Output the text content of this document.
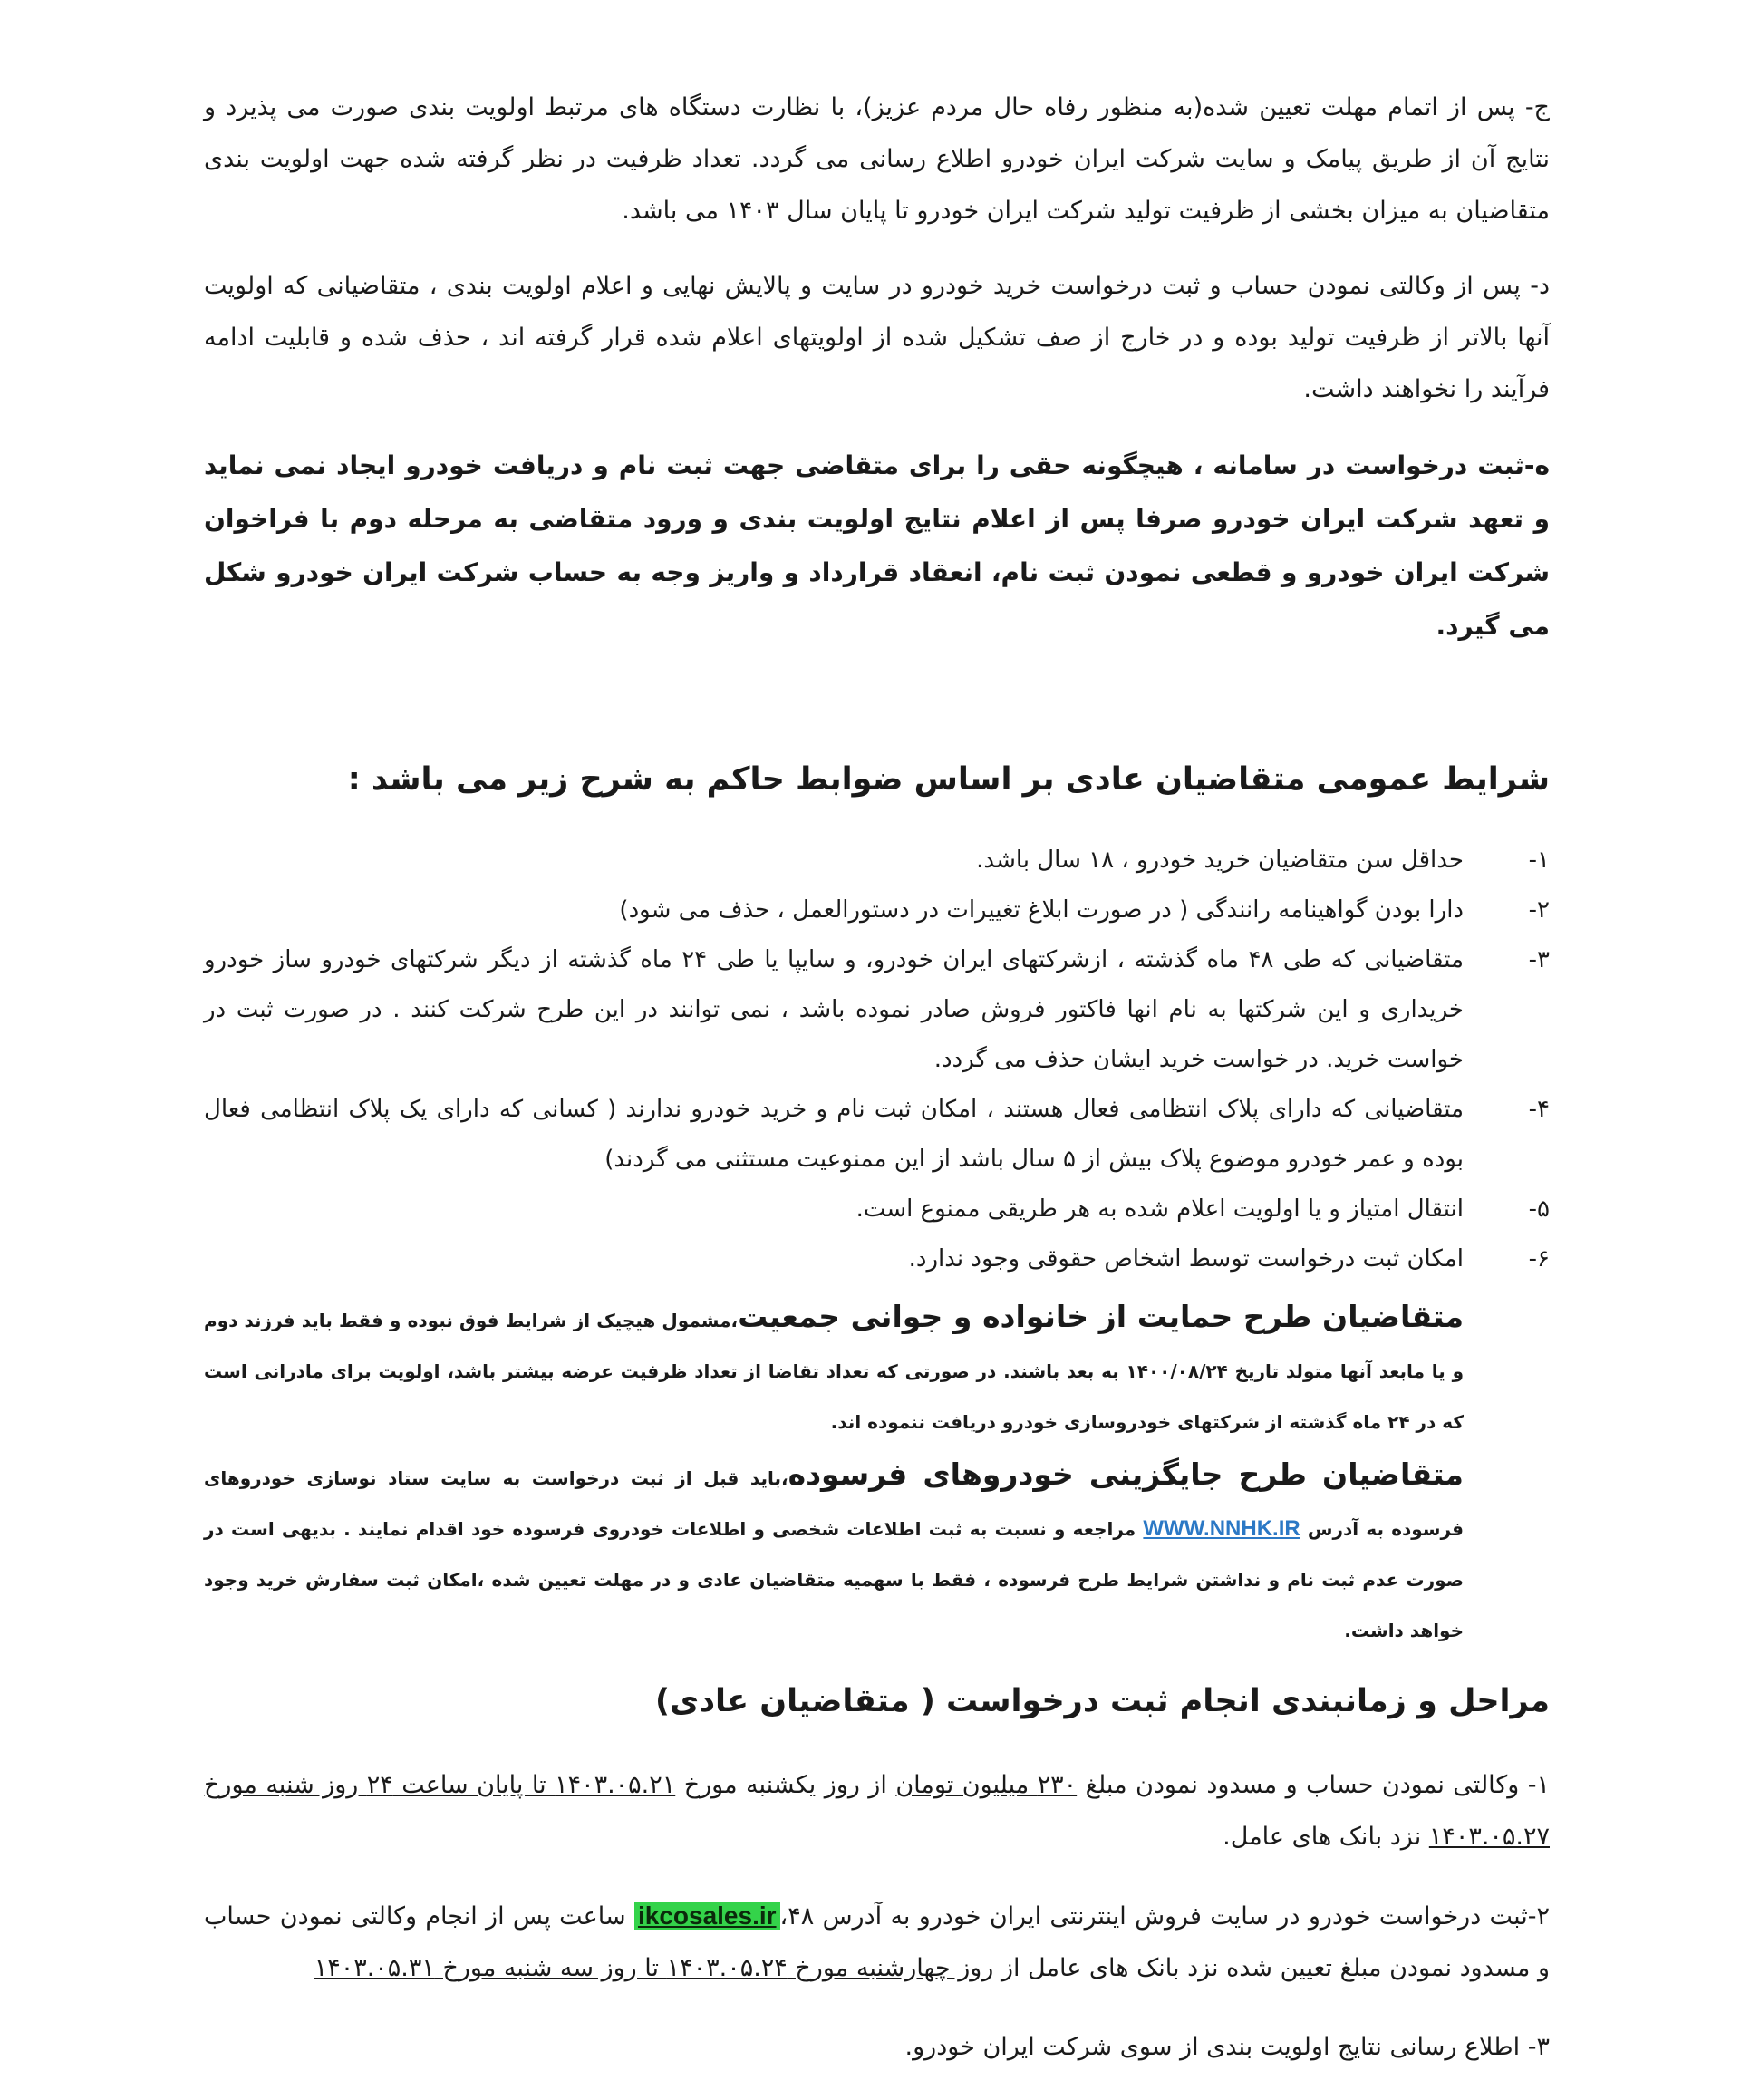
ج- پس از اتمام مهلت تعیین شده(به منظور رفاه حال مردم عزیز)، با نظارت دستگاه های مرتبط اولویت بندی صورت می پذیرد و نتایج آن از طریق پیامک و سایت شرکت ایران خودرو اطلاع رسانی می گردد. تعداد ظرفیت در نظر گرفته شده جهت اولویت بندی متقاضیان به میزان بخشی از ظرفیت تولید شرکت ایران خودرو تا پایان سال ۱۴۰۳ می باشد.

د- پس از وکالتی نمودن حساب و ثبت درخواست خرید خودرو در سایت و پالایش نهایی و اعلام اولویت بندی ، متقاضیانی که اولویت آنها بالاتر از ظرفیت تولید بوده و در خارج از صف تشکیل شده از اولویتهای اعلام شده قرار گرفته اند ، حذف شده و قابلیت ادامه فرآیند را نخواهند داشت.

ه-ثبت درخواست در سامانه ، هیچگونه حقی را برای متقاضی جهت ثبت نام و دریافت خودرو ایجاد نمی نماید و تعهد شرکت ایران خودرو صرفا پس از اعلام نتایج اولویت بندی و ورود متقاضی به مرحله دوم با فراخوان شرکت ایران خودرو و قطعی نمودن ثبت نام، انعقاد قرارداد و واریز وجه به حساب شرکت ایران خودرو شکل می گیرد.

شرایط عمومی متقاضیان عادی بر اساس ضوابط حاکم به شرح زیر می باشد :
۱-
حداقل سن متقاضیان خرید خودرو ، ۱۸ سال باشد.
۲-
دارا بودن گواهینامه رانندگی ( در صورت ابلاغ تغییرات در دستورالعمل ، حذف می شود)
۳-
متقاضیانی که طی ۴۸ ماه گذشته ، ازشرکتهای ایران خودرو، و سایپا یا طی ۲۴ ماه گذشته از دیگر شرکتهای خودرو ساز خودرو خریداری و این شرکتها به نام انها فاکتور فروش صادر نموده باشد ، نمی توانند در این طرح شرکت کنند . در صورت ثبت در خواست خرید. در خواست خرید ایشان حذف می گردد.
۴-
متقاضیانی که دارای پلاک انتظامی فعال هستند ، امکان ثبت نام و خرید خودرو ندارند ( کسانی که دارای یک پلاک انتظامی فعال بوده و عمر خودرو موضوع پلاک بیش از ۵ سال باشد از این ممنوعیت مستثنی می گردند)
۵-
انتقال امتیاز و یا اولویت اعلام شده به هر طریقی ممنوع است.
۶-
امکان ثبت درخواست توسط اشخاص حقوقی وجود ندارد.

متقاضیان طرح حمایت از خانواده و جوانی جمعیت،مشمول هیچیک از شرایط فوق نبوده و فقط باید فرزند دوم و یا مابعد آنها متولد تاریخ ۱۴۰۰/۰۸/۲۴ به بعد باشند. در صورتی که تعداد تقاضا از تعداد ظرفیت عرضه بیشتر باشد، اولویت برای مادرانی است که در ۲۴ ماه گذشته از شرکتهای خودروسازی خودرو دریافت ننموده اند.

متقاضیان طرح جایگزینی خودروهای فرسوده،باید قبل از ثبت درخواست به سایت ستاد نوسازی خودروهای فرسوده به آدرس WWW.NNHK.IR مراجعه و نسبت به ثبت اطلاعات شخصی و اطلاعات خودروی فرسوده خود اقدام نمایند . بدیهی است در صورت عدم ثبت نام و نداشتن شرایط طرح فرسوده ، فقط با سهمیه متقاضیان عادی و در مهلت تعیین شده ،امکان ثبت سفارش خرید وجود خواهد داشت.

مراحل و زمانبندی انجام ثبت درخواست ( متقاضیان عادی)

۱- وکالتی نمودن حساب و مسدود نمودن مبلغ ۲۳۰ میلیون تومان از روز یکشنبه مورخ ۱۴۰۳.۰۵.۲۱ تا پایان ساعت ۲۴ روز شنبه مورخ ۱۴۰۳.۰۵.۲۷ نزد بانک های عامل.

۲-ثبت درخواست خودرو در سایت فروش اینترنتی ایران خودرو به آدرس ikcosales.ir،۴۸ ساعت پس از انجام وکالتی نمودن حساب و مسدود نمودن مبلغ تعیین شده نزد بانک های عامل از روز چهارشنبه مورخ ۱۴۰۳.۰۵.۲۴ تا روز سه شنبه مورخ ۱۴۰۳.۰۵.۳۱

۳- اطلاع رسانی نتایج اولویت بندی از سوی شرکت ایران خودرو.
